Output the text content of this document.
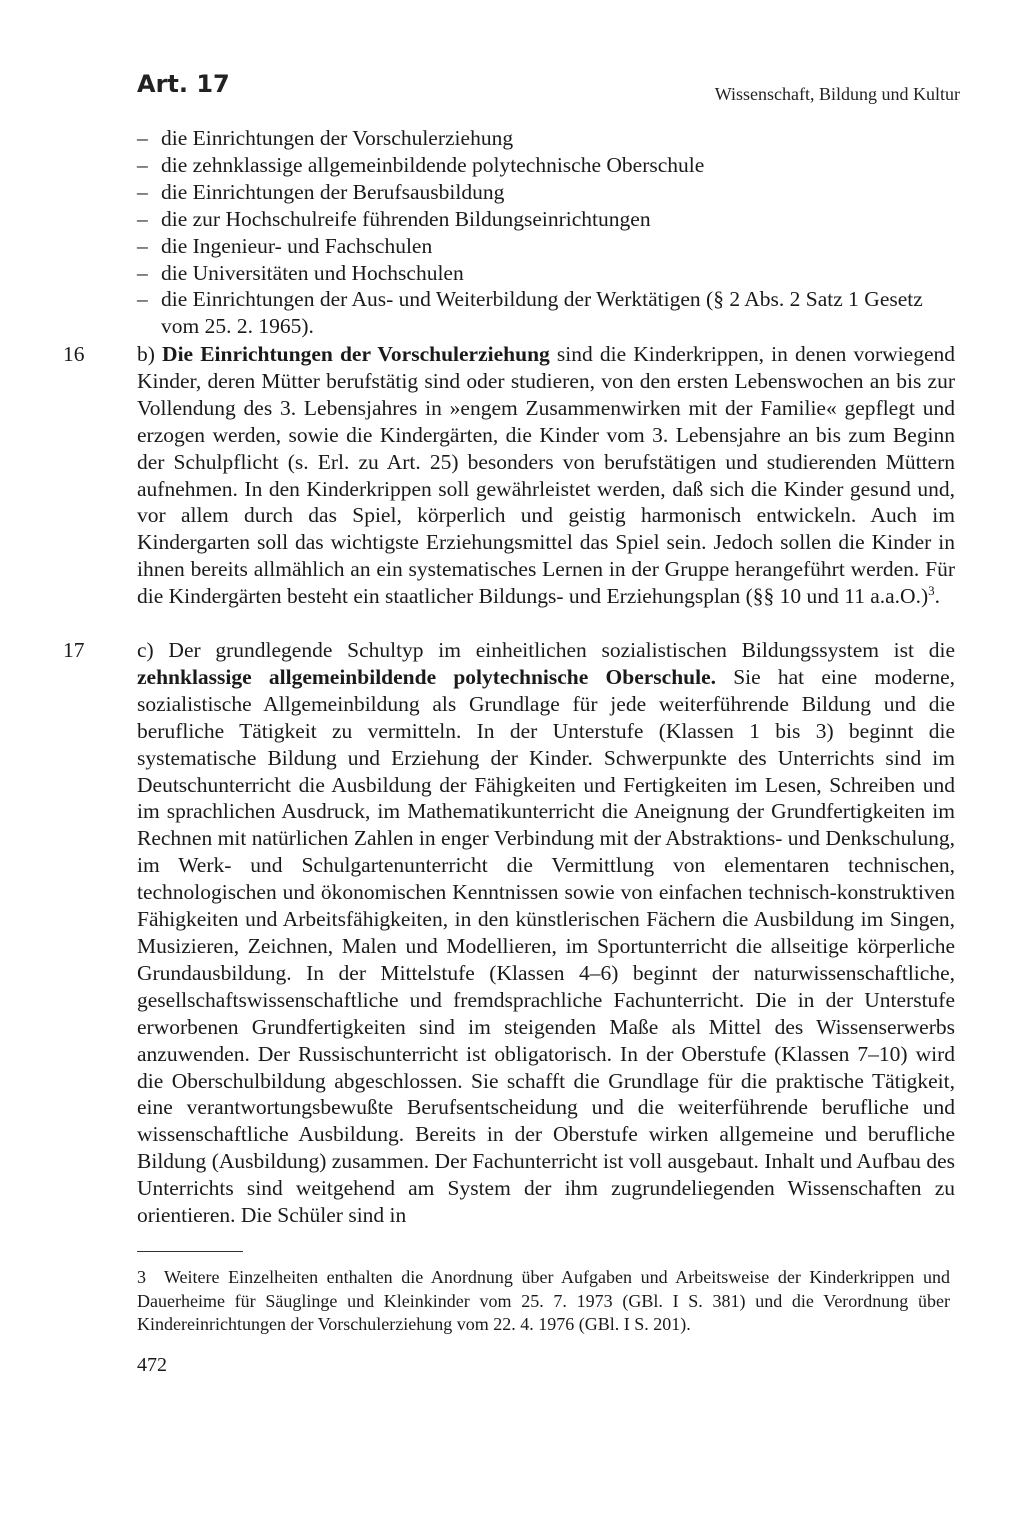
Art. 17	Wissenschaft, Bildung und Kultur
– die Einrichtungen der Vorschulerziehung
– die zehnklassige allgemeinbildende polytechnische Oberschule
– die Einrichtungen der Berufsausbildung
– die zur Hochschulreife führenden Bildungseinrichtungen
– die Ingenieur- und Fachschulen
– die Universitäten und Hochschulen
– die Einrichtungen der Aus- und Weiterbildung der Werktätigen (§ 2 Abs. 2 Satz 1 Gesetz vom 25. 2. 1965).
16 b) Die Einrichtungen der Vorschulerziehung sind die Kinderkrippen, in denen vorwiegend Kinder, deren Mütter berufstätig sind oder studieren, von den ersten Lebenswochen an bis zur Vollendung des 3. Lebensjahres in »engem Zusammenwirken mit der Familie« gepflegt und erzogen werden, sowie die Kindergärten, die Kinder vom 3. Lebensjahre an bis zum Beginn der Schulpflicht (s. Erl. zu Art. 25) besonders von berufstätigen und studierenden Müttern aufnehmen. In den Kinderkrippen soll gewährleistet werden, daß sich die Kinder gesund und, vor allem durch das Spiel, körperlich und geistig harmonisch entwickeln. Auch im Kindergarten soll das wichtigste Erziehungsmittel das Spiel sein. Jedoch sollen die Kinder in ihnen bereits allmählich an ein systematisches Lernen in der Gruppe herangeführt werden. Für die Kindergärten besteht ein staatlicher Bildungs- und Erziehungsplan (§§ 10 und 11 a.a.O.)$^3$.
17 c) Der grundlegende Schultyp im einheitlichen sozialistischen Bildungssystem ist die zehnklassige allgemeinbildende polytechnische Oberschule. Sie hat eine moderne, sozialistische Allgemeinbildung als Grundlage für jede weiterführende Bildung und die berufliche Tätigkeit zu vermitteln. In der Unterstufe (Klassen 1 bis 3) beginnt die systematische Bildung und Erziehung der Kinder. Schwerpunkte des Unterrichts sind im Deutschunterricht die Ausbildung der Fähigkeiten und Fertigkeiten im Lesen, Schreiben und im sprachlichen Ausdruck, im Mathematikunterricht die Aneignung der Grundfertigkeiten im Rechnen mit natürlichen Zahlen in enger Verbindung mit der Abstraktions- und Denkschulung, im Werk- und Schulgartenunterricht die Vermittlung von elementaren technischen, technologischen und ökonomischen Kenntnissen sowie von einfachen technisch-konstruktiven Fähigkeiten und Arbeitsfähigkeiten, in den künstlerischen Fächern die Ausbildung im Singen, Musizieren, Zeichnen, Malen und Modellieren, im Sportunterricht die allseitige körperliche Grundausbildung. In der Mittelstufe (Klassen 4–6) beginnt der naturwissenschaftliche, gesellschaftswissenschaftliche und fremdsprachliche Fachunterricht. Die in der Unterstufe erworbenen Grundfertigkeiten sind im steigenden Maße als Mittel des Wissenserwerbs anzuwenden. Der Russischunterricht ist obligatorisch. In der Oberstufe (Klassen 7–10) wird die Oberschulbildung abgeschlossen. Sie schafft die Grundlage für die praktische Tätigkeit, eine verantwortungsbewußte Berufsentscheidung und die weiterführende berufliche und wissenschaftliche Ausbildung. Bereits in der Oberstufe wirken allgemeine und berufliche Bildung (Ausbildung) zusammen. Der Fachunterricht ist voll ausgebaut. Inhalt und Aufbau des Unterrichts sind weitgehend am System der ihm zugrundeliegenden Wissenschaften zu orientieren. Die Schüler sind in
3 Weitere Einzelheiten enthalten die Anordnung über Aufgaben und Arbeitsweise der Kinderkrippen und Dauerheime für Säuglinge und Kleinkinder vom 25. 7. 1973 (GBl. I S. 381) und die Verordnung über Kindereinrichtungen der Vorschulerziehung vom 22. 4. 1976 (GBl. I S. 201).
472
